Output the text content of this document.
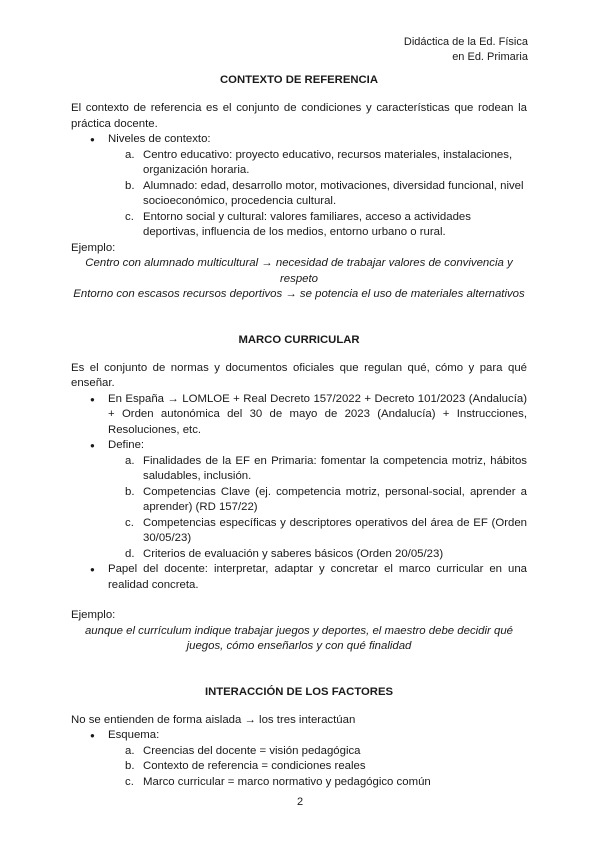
Didáctica de la Ed. Física
en Ed. Primaria
CONTEXTO DE REFERENCIA

El contexto de referencia es el conjunto de condiciones y características que rodean la práctica docente.

● Niveles de contexto:
a. Centro educativo: proyecto educativo, recursos materiales, instalaciones, organización horaria.
b. Alumnado: edad, desarrollo motor, motivaciones, diversidad funcional, nivel socioeconómico, procedencia cultural.
c. Entorno social y cultural: valores familiares, acceso a actividades deportivas, influencia de los medios, entorno urbano o rural.

Ejemplo:

Centro con alumnado multicultural → necesidad de trabajar valores de convivencia y respeto

Entorno con escasos recursos deportivos → se potencia el uso de materiales alternativos

MARCO CURRICULAR

Es el conjunto de normas y documentos oficiales que regulan qué, cómo y para qué enseñar.

● En España → LOMLOE + Real Decreto 157/2022 + Decreto 101/2023 (Andalucía) + Orden autonómica del 30 de mayo de 2023 (Andalucía) + Instrucciones, Resoluciones, etc.
● Define:
a. Finalidades de la EF en Primaria: fomentar la competencia motriz, hábitos saludables, inclusión.
b. Competencias Clave (ej. competencia motriz, personal-social, aprender a aprender) (RD 157/22)
c. Competencias específicas y descriptores operativos del área de EF (Orden 30/05/23)
d. Criterios de evaluación y saberes básicos (Orden 20/05/23)
● Papel del docente: interpretar, adaptar y concretar el marco curricular en una realidad concreta.

Ejemplo:

aunque el currículum indique trabajar juegos y deportes, el maestro debe decidir qué juegos, cómo enseñarlos y con qué finalidad

INTERACCIÓN DE LOS FACTORES

No se entienden de forma aislada → los tres interactúan

● Esquema:
a. Creencias del docente = visión pedagógica
b. Contexto de referencia = condiciones reales
c. Marco curricular = marco normativo y pedagógico común
2
